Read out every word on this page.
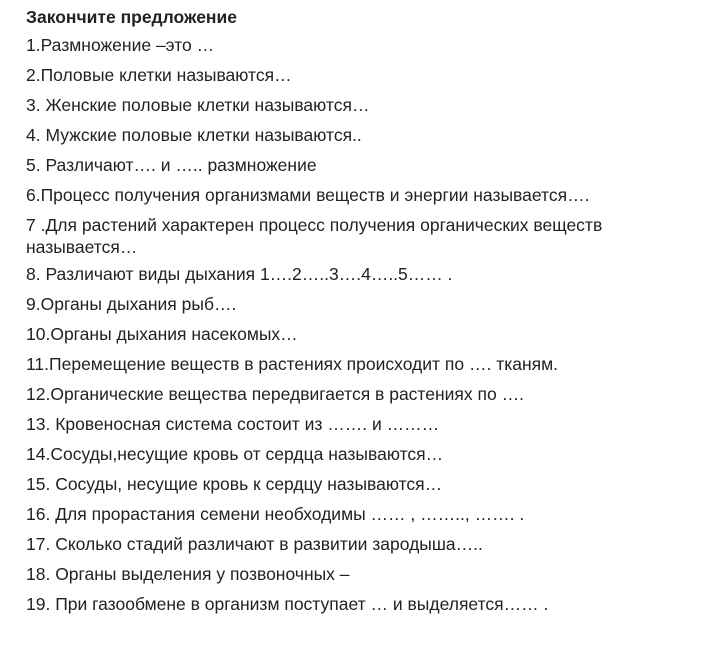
Закончите предложение
1.Размножение –это …
2.Половые клетки называются…
3. Женские половые клетки называются…
4. Мужские половые клетки называются..
5. Различают…. и ….. размножение
6.Процесс получения организмами веществ и энергии называется….
7 .Для растений характерен процесс получения органических веществ называется…
8. Различают виды дыхания 1….2…..3….4…..5…… .
9.Органы дыхания рыб….
10.Органы дыхания насекомых…
11.Перемещение веществ в растениях происходит по …. тканям.
12.Органические вещества передвигается в растениях по ….
13. Кровеносная система состоит из ……. и ………
14.Сосуды,несущие кровь от сердца называются…
15. Сосуды, несущие кровь к сердцу называются…
16. Для прорастания семени необходимы …… , …….., ……. .
17. Сколько стадий различают в развитии зародыша…..
18. Органы выделения у позвоночных –
19. При газообмене в организм поступает … и выделяется…… .
